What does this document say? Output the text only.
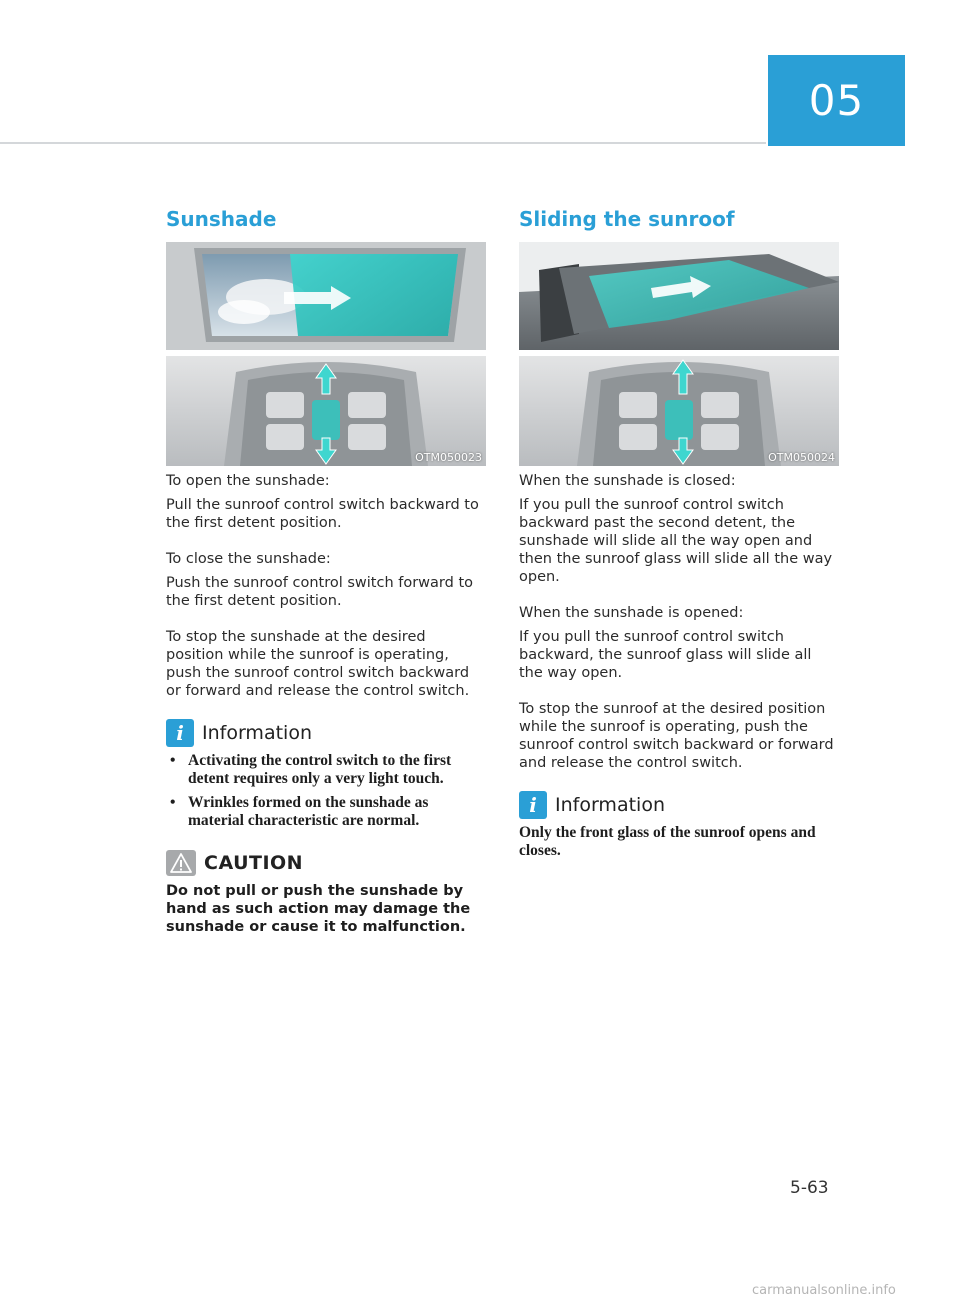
05
Sunshade
OTM050023

To open the sunshade:

Pull the sunroof control switch backward to the first detent position.

To close the sunshade:

Push the sunroof control switch forward to the first detent position.

To stop the sunshade at the desired position while the sunroof is operating, push the sunroof control switch backward or forward and release the control switch.

i Information
• Activating the control switch to the first detent requires only a very light touch.
• Wrinkles formed on the sunshade as material characteristic are normal.
CAUTION

Do not pull or push the sunshade by hand as such action may damage the sunshade or cause it to malfunction.

Sliding the sunroof
OTM050024

When the sunshade is closed:

If you pull the sunroof control switch backward past the second detent, the sunshade will slide all the way open and then the sunroof glass will slide all the way open.

When the sunshade is opened:

If you pull the sunroof control switch backward, the sunroof glass will slide all the way open.

To stop the sunroof at the desired position while the sunroof is operating, push the sunroof control switch backward or forward and release the control switch.

i Information

Only the front glass of the sunroof opens and closes.

5-63
carmanualsonline.info
